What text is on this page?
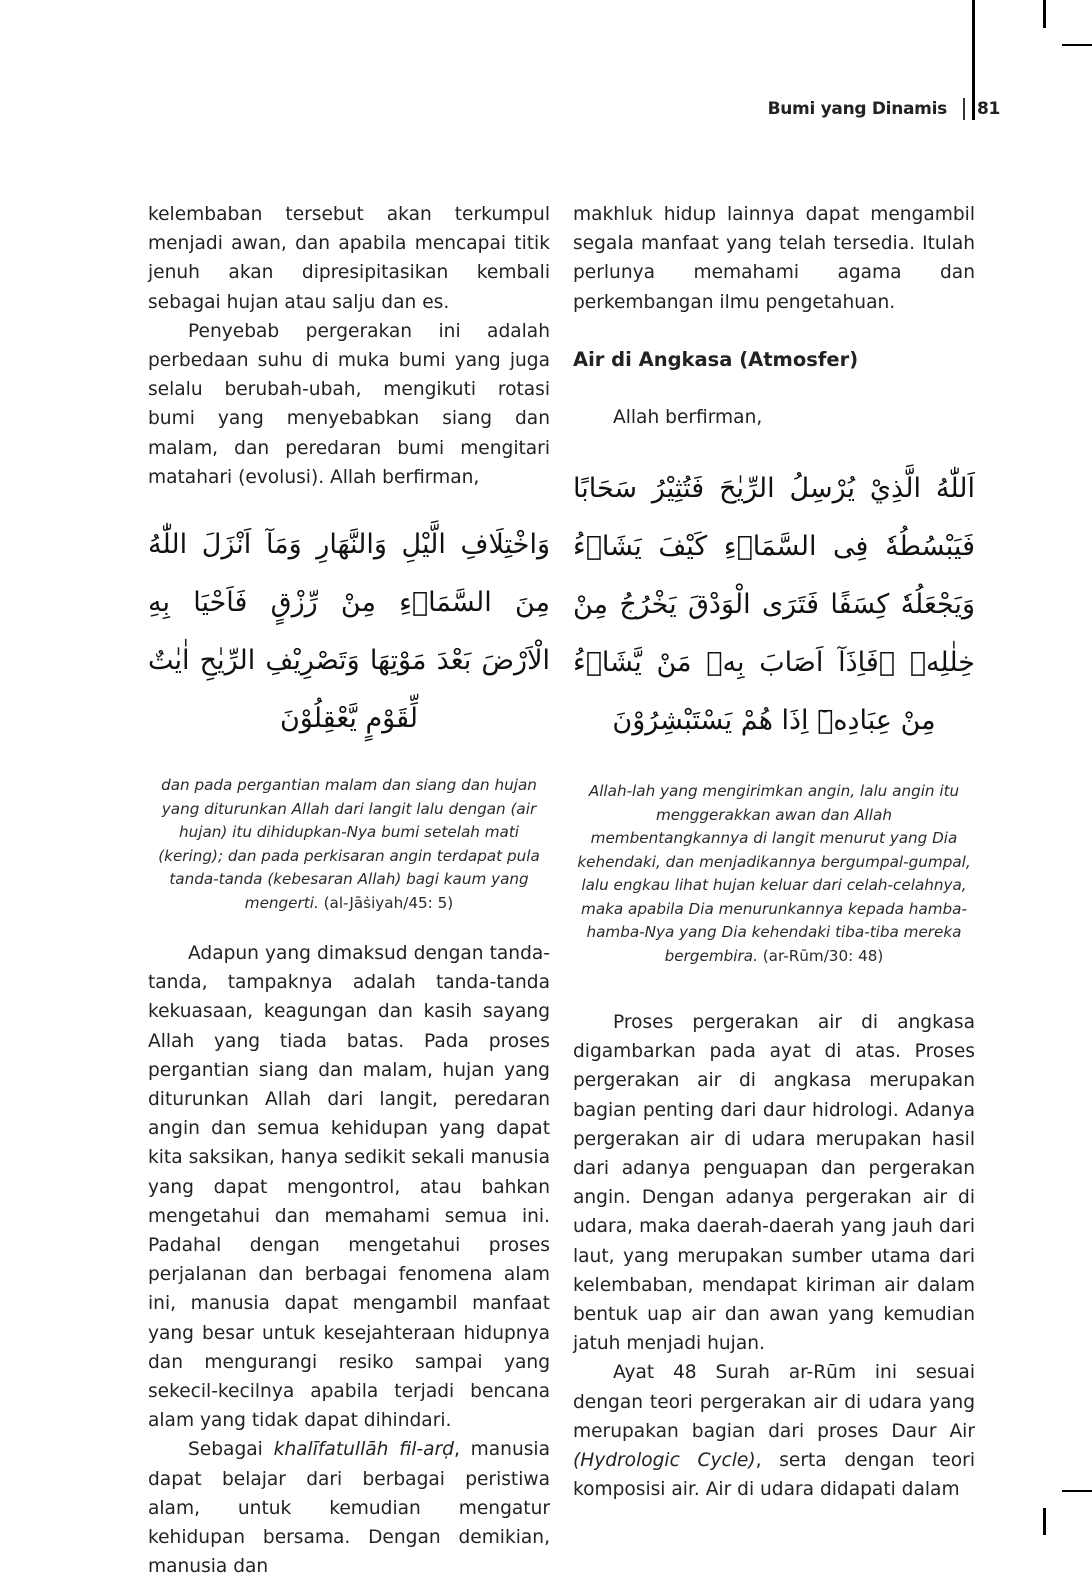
Bumi yang Dinamis 81

kelembaban tersebut akan terkumpul menjadi awan, dan apabila mencapai titik jenuh akan dipresipitasikan kembali sebagai hujan atau salju dan es.

Penyebab pergerakan ini adalah perbedaan suhu di muka bumi yang juga selalu berubah-ubah, mengikuti rotasi bumi yang menyebabkan siang dan malam, dan peredaran bumi mengitari matahari (evolusi). Allah berfirman,

وَاخْتِلَافِ الَّيْلِ وَالنَّهَارِ وَمَآ اَنْزَلَ اللّٰهُ مِنَ السَّمَاۤءِ مِنْ رِّزْقٍ فَاَحْيَا بِهِ الْاَرْضَ بَعْدَ مَوْتِهَا وَتَصْرِيْفِ الرِّيٰحِ اٰيٰتٌ لِّقَوْمٍ يَّعْقِلُوْنَ

dan pada pergantian malam dan siang dan hujan yang diturunkan Allah dari langit lalu dengan (air hujan) itu dihidupkan-Nya bumi setelah mati (kering); dan pada perkisaran angin terdapat pula tanda-tanda (kebesaran Allah) bagi kaum yang mengerti. (al-Jāṡiyah/45: 5)

Adapun yang dimaksud dengan tanda-tanda, tampaknya adalah tanda-tanda kekuasaan, keagungan dan kasih sayang Allah yang tiada batas. Pada proses pergantian siang dan malam, hujan yang diturunkan Allah dari langit, peredaran angin dan semua kehidupan yang dapat kita saksikan, hanya sedikit sekali manusia yang dapat mengontrol, atau bahkan mengetahui dan memahami semua ini. Padahal dengan mengetahui proses perjalanan dan berbagai fenomena alam ini, manusia dapat mengambil manfaat yang besar untuk kesejahteraan hidupnya dan mengurangi resiko sampai yang sekecil-kecilnya apabila terjadi bencana alam yang tidak dapat dihindari.

Sebagai khalīfatullāh fil-arḍ, manusia dapat belajar dari berbagai peristiwa alam, untuk kemudian mengatur kehidupan bersama. Dengan demikian, manusia dan

makhluk hidup lainnya dapat mengambil segala manfaat yang telah tersedia. Itulah perlunya memahami agama dan perkembangan ilmu pengetahuan.

Air di Angkasa (Atmosfer)

Allah berfirman,

اَللّٰهُ الَّذِيْ يُرْسِلُ الرِّيٰحَ فَتُثِيْرُ سَحَابًا فَيَبْسُطُهٗ فِى السَّمَاۤءِ كَيْفَ يَشَاۤءُ وَيَجْعَلُهٗ كِسَفًا فَتَرَى الْوَدْقَ يَخْرُجُ مِنْ خِلٰلِهٖ ۚفَاِذَآ اَصَابَ بِهٖ مَنْ يَّشَاۤءُ مِنْ عِبَادِهٖٓ اِذَا هُمْ يَسْتَبْشِرُوْنَ

Allah-lah yang mengirimkan angin, lalu angin itu menggerakkan awan dan Allah membentangkannya di langit menurut yang Dia kehendaki, dan menjadikannya bergumpal-gumpal, lalu engkau lihat hujan keluar dari celah-celahnya, maka apabila Dia menurunkannya kepada hamba-hamba-Nya yang Dia kehendaki tiba-tiba mereka bergembira. (ar-Rūm/30: 48)

Proses pergerakan air di angkasa digambarkan pada ayat di atas. Proses pergerakan air di angkasa merupakan bagian penting dari daur hidrologi. Adanya pergerakan air di udara merupakan hasil dari adanya penguapan dan pergerakan angin. Dengan adanya pergerakan air di udara, maka daerah-daerah yang jauh dari laut, yang merupakan sumber utama dari kelembaban, mendapat kiriman air dalam bentuk uap air dan awan yang kemudian jatuh menjadi hujan.

Ayat 48 Surah ar-Rūm ini sesuai dengan teori pergerakan air di udara yang merupakan bagian dari proses Daur Air (Hydrologic Cycle), serta dengan teori komposisi air. Air di udara didapati dalam
